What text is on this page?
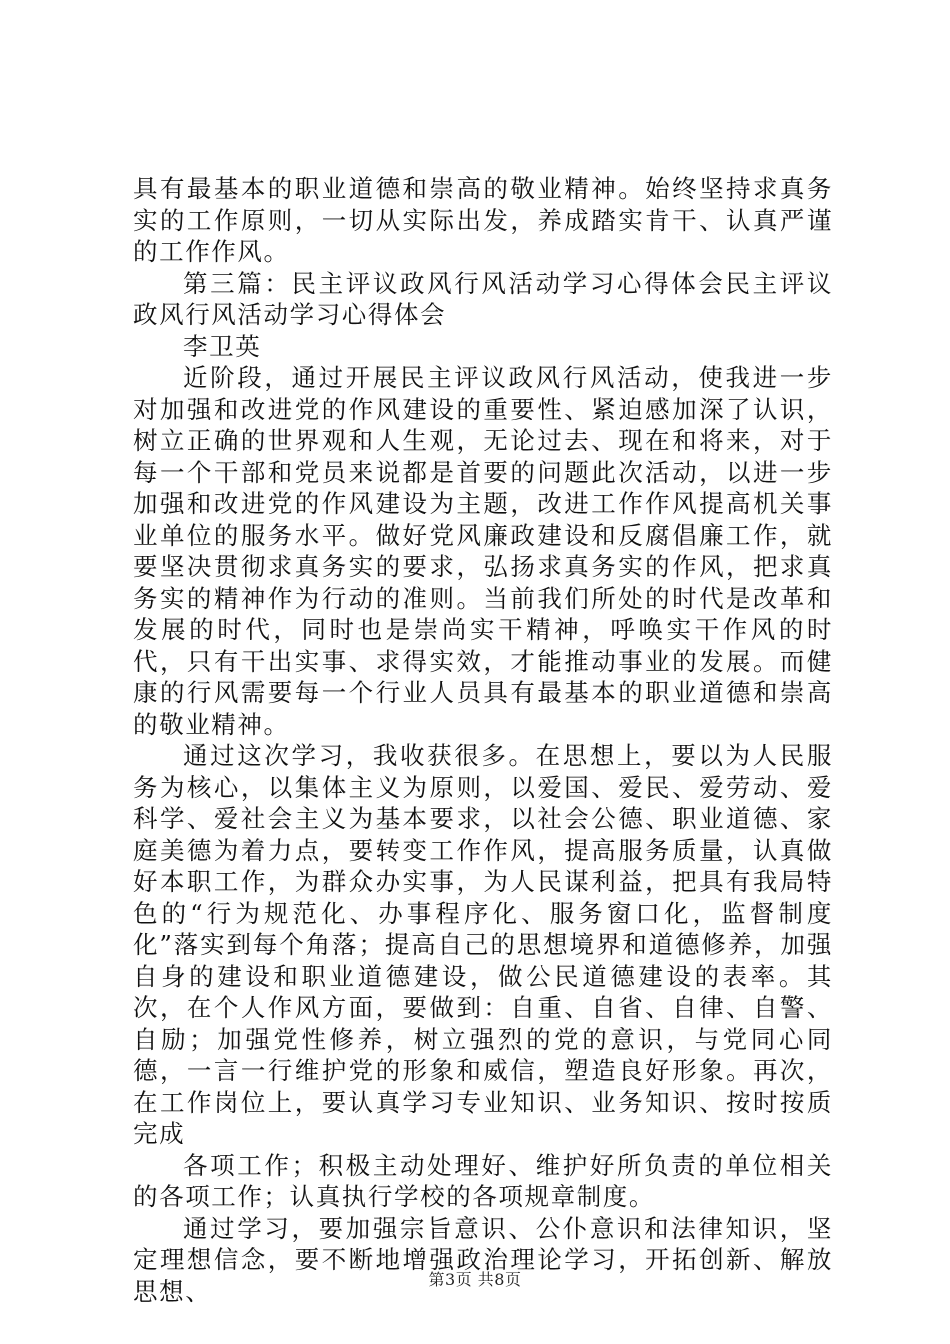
具有最基本的职业道德和崇高的敬业精神。始终坚持求真务实的工作原则，一切从实际出发，养成踏实肯干、认真严谨的工作作风。

第三篇：民主评议政风行风活动学习心得体会民主评议政风行风活动学习心得体会

李卫英

近阶段，通过开展民主评议政风行风活动，使我进一步对加强和改进党的作风建设的重要性、紧迫感加深了认识，树立正确的世界观和人生观，无论过去、现在和将来，对于每一个干部和党员来说都是首要的问题此次活动，以进一步加强和改进党的作风建设为主题，改进工作作风提高机关事业单位的服务水平。做好党风廉政建设和反腐倡廉工作，就要坚决贯彻求真务实的要求，弘扬求真务实的作风，把求真务实的精神作为行动的准则。当前我们所处的时代是改革和发展的时代，同时也是崇尚实干精神，呼唤实干作风的时代，只有干出实事、求得实效，才能推动事业的发展。而健康的行风需要每一个行业人员具有最基本的职业道德和崇高的敬业精神。

通过这次学习，我收获很多。在思想上，要以为人民服务为核心，以集体主义为原则，以爱国、爱民、爱劳动、爱科学、爱社会主义为基本要求，以社会公德、职业道德、家庭美德为着力点，要转变工作作风，提高服务质量，认真做好本职工作，为群众办实事，为人民谋利益，把具有我局特色的“行为规范化、办事程序化、服务窗口化，监督制度化”落实到每个角落；提高自己的思想境界和道德修养，加强自身的建设和职业道德建设，做公民道德建设的表率。其次，在个人作风方面，要做到：自重、自省、自律、自警、自励；加强党性修养，树立强烈的党的意识，与党同心同德，一言一行维护党的形象和威信，塑造良好形象。再次，在工作岗位上，要认真学习专业知识、业务知识、按时按质完成

各项工作；积极主动处理好、维护好所负责的单位相关的各项工作；认真执行学校的各项规章制度。

通过学习，要加强宗旨意识、公仆意识和法律知识，坚定理想信念，要不断地增强政治理论学习，开拓创新、解放思想、	第3页 共8页
